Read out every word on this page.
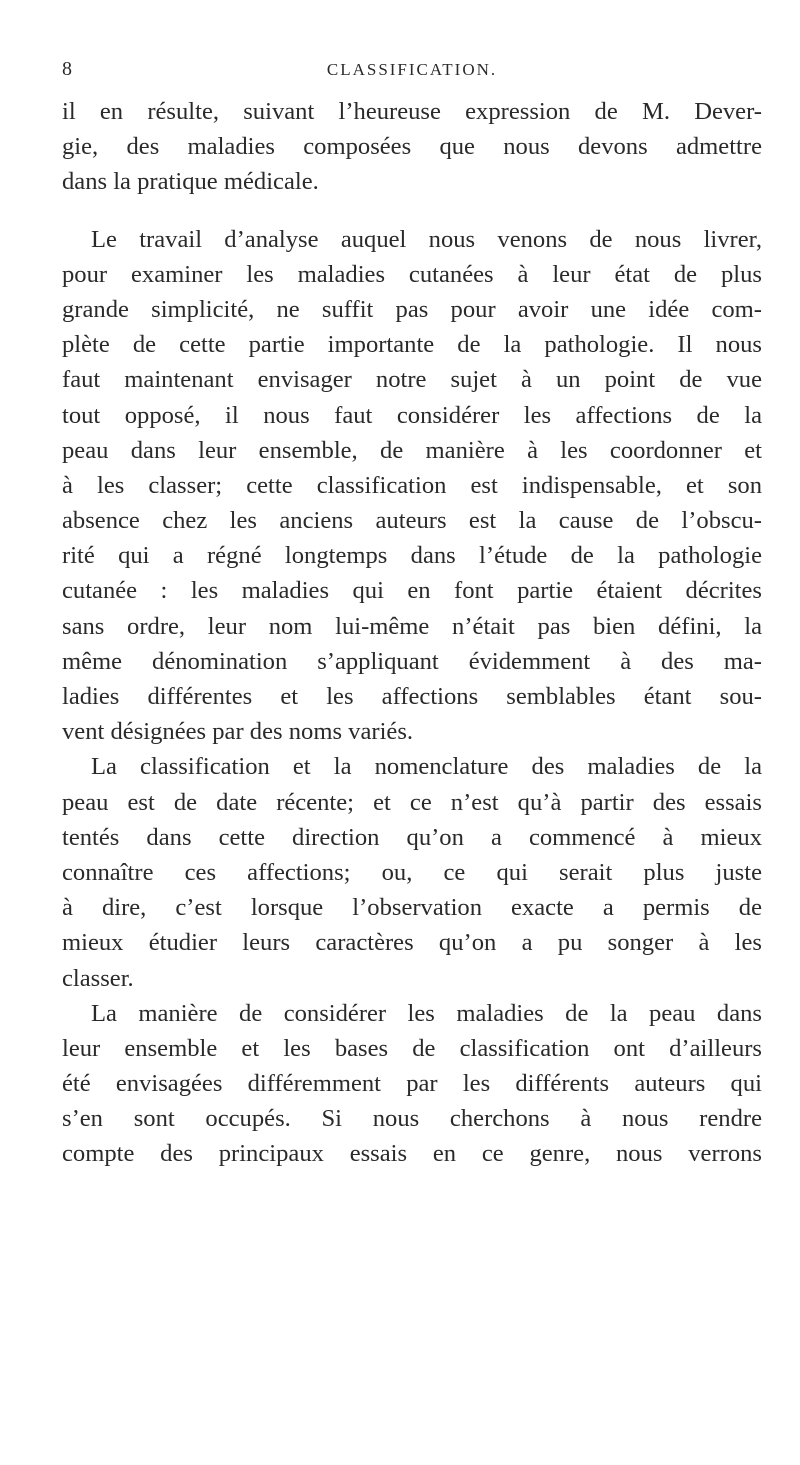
8	CLASSIFICATION.
il en résulte, suivant l’heureuse expression de M. Dever-
gie, des maladies composées que nous devons admettre
dans la pratique médicale.
Le travail d’analyse auquel nous venons de nous livrer,
pour examiner les maladies cutanées à leur état de plus
grande simplicité, ne suffit pas pour avoir une idée com-
plète de cette partie importante de la pathologie. Il nous
faut maintenant envisager notre sujet à un point de vue
tout opposé, il nous faut considérer les affections de la
peau dans leur ensemble, de manière à les coordonner et
à les classer; cette classification est indispensable, et son
absence chez les anciens auteurs est la cause de l’obscu-
rité qui a régné longtemps dans l’étude de la pathologie
cutanée : les maladies qui en font partie étaient décrites
sans ordre, leur nom lui-même n’était pas bien défini, la
même dénomination s’appliquant évidemment à des ma-
ladies différentes et les affections semblables étant sou-
vent désignées par des noms variés.
La classification et la nomenclature des maladies de la
peau est de date récente; et ce n’est qu’à partir des essais
tentés dans cette direction qu’on a commencé à mieux
connaître ces affections; ou, ce qui serait plus juste
à dire, c’est lorsque l’observation exacte a permis de
mieux étudier leurs caractères qu’on a pu songer à les
classer.
La manière de considérer les maladies de la peau dans
leur ensemble et les bases de classification ont d’ailleurs
été envisagées différemment par les différents auteurs qui
s’en sont occupés. Si nous cherchons à nous rendre
compte des principaux essais en ce genre, nous verrons
